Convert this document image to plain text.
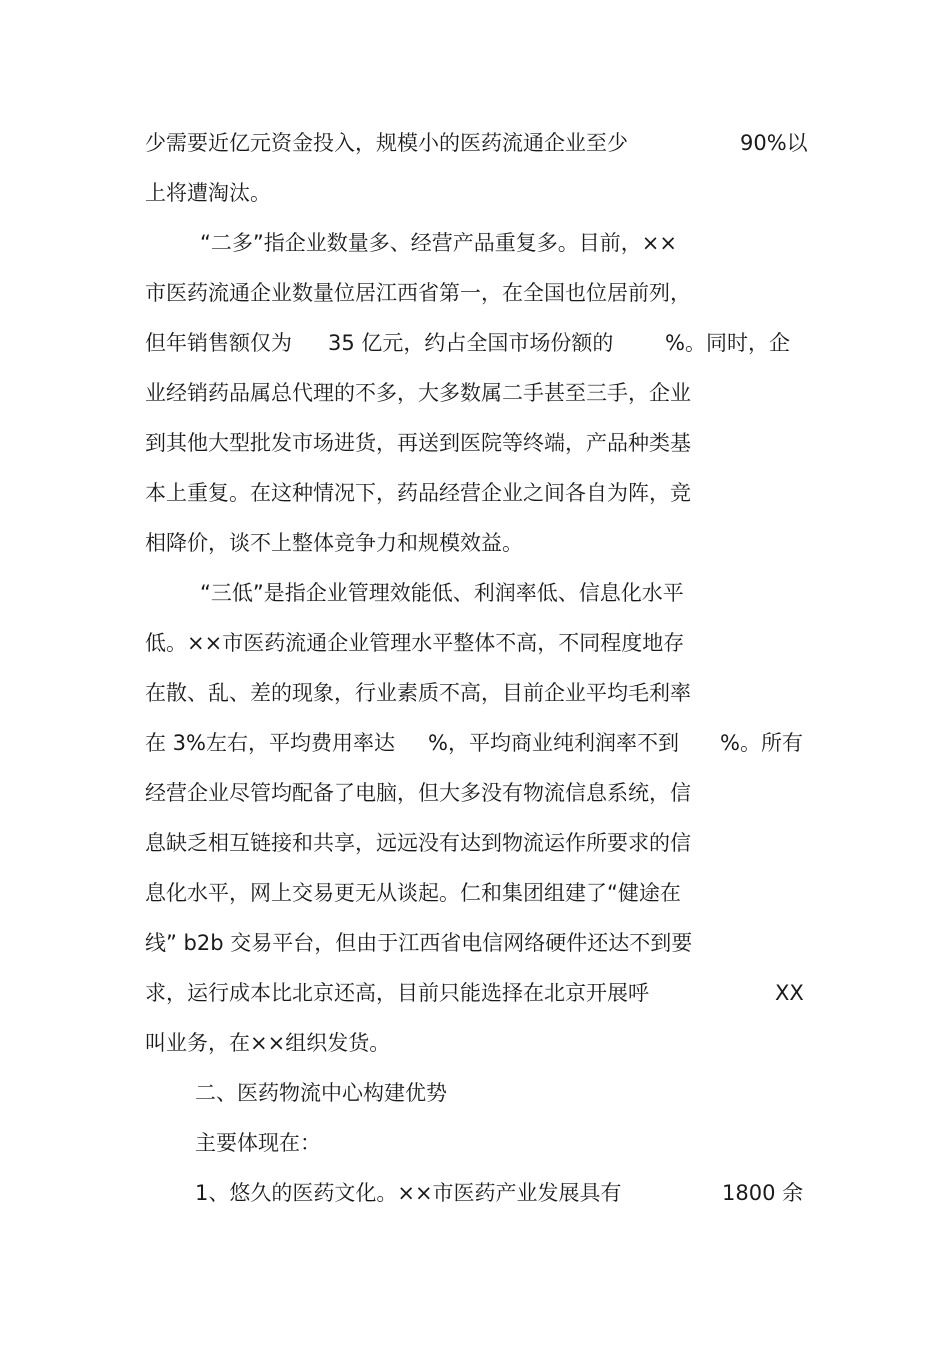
少需要近亿元资金投入，规模小的医药流通企业至少	90%以
上将遭淘汰。
“二多”指企业数量多、经营产品重复多。目前，××
市医药流通企业数量位居江西省第一，在全国也位居前列，
但年销售额仅为 35 亿元，约占全国市场份额的 %。同时，企
业经销药品属总代理的不多，大多数属二手甚至三手，企业
到其他大型批发市场进货，再送到医院等终端，产品种类基
本上重复。在这种情况下，药品经营企业之间各自为阵，竞
相降价，谈不上整体竞争力和规模效益。
“三低”是指企业管理效能低、利润率低、信息化水平
低。××市医药流通企业管理水平整体不高，不同程度地存
在散、乱、差的现象，行业素质不高，目前企业平均毛利率
在 3%左右，平均费用率达 %，平均商业纯利润率不到 %。所有
经营企业尽管均配备了电脑，但大多没有物流信息系统，信
息缺乏相互链接和共享，远远没有达到物流运作所要求的信
息化水平，网上交易更无从谈起。仁和集团组建了“健途在
线” b2b 交易平台，但由于江西省电信网络硬件还达不到要
求，运行成本比北京还高，目前只能选择在北京开展呼	XX
叫业务，在××组织发货。
二、医药物流中心构建优势
主要体现在：
1、悠久的医药文化。××市医药产业发展具有	1800 余
